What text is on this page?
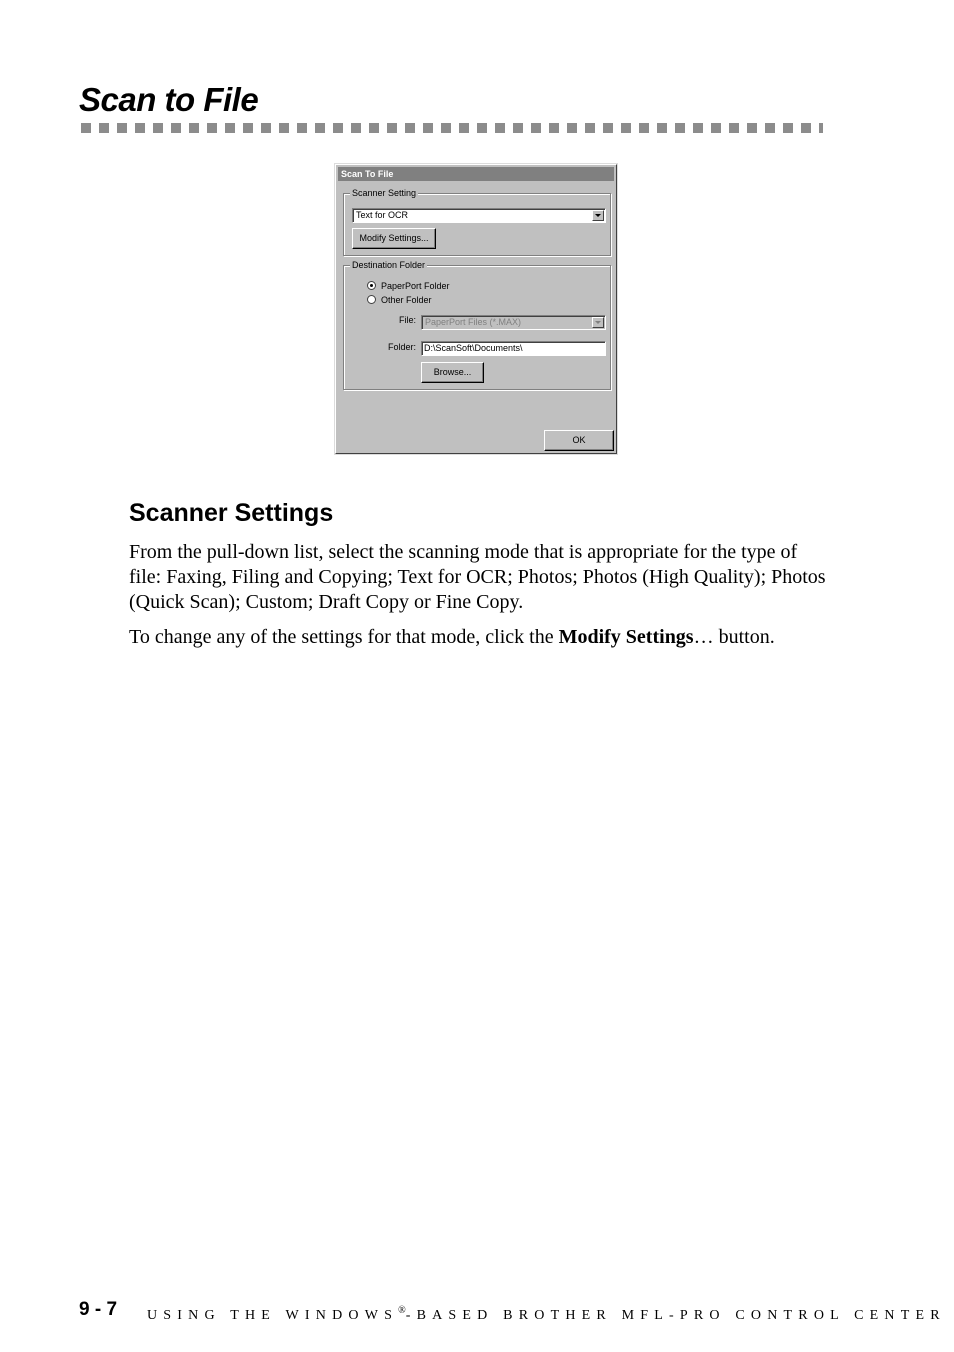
Scan to File
Scan To File
Scanner Setting
Text for OCR
Modify Settings...
Destination Folder
PaperPort Folder
Other Folder
File: PaperPort Files (*.MAX)
Folder: D:\ScanSoft\Documents\
Browse...
OK
Scanner Settings

From the pull-down list, select the scanning mode that is appropriate for the type of file: Faxing, Filing and Copying; Text for OCR; Photos; Photos (High Quality); Photos (Quick Scan); Custom; Draft Copy or Fine Copy.

To change any of the settings for that mode, click the Modify Settings… button.

9 - 7 USING THE WINDOWS®-BASED BROTHER MFL-PRO CONTROL CENTER
